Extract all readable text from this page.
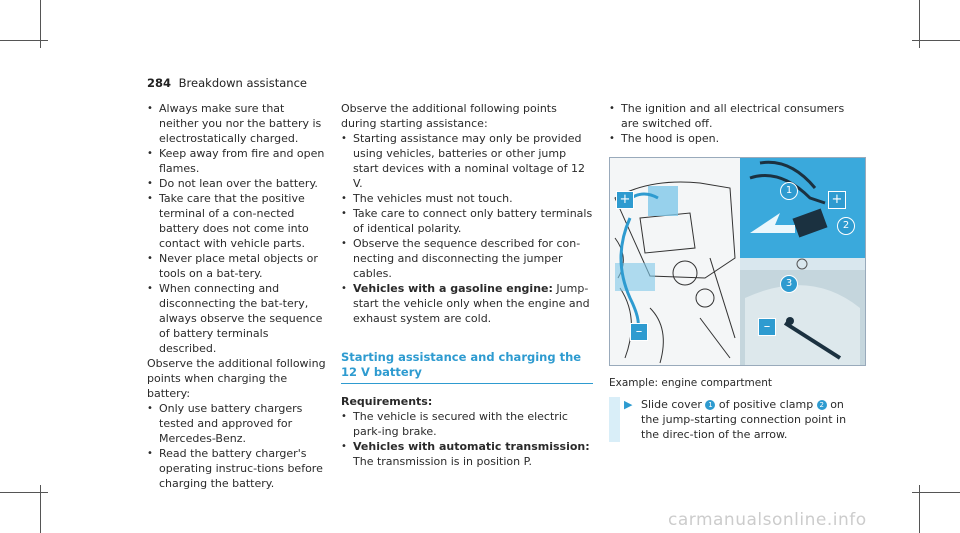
284 Breakdown assistance
• Always make sure that neither you nor the battery is electrostatically charged.
• Keep away from fire and open flames.
• Do not lean over the battery.
• Take care that the positive terminal of a con-nected battery does not come into contact with vehicle parts.
• Never place metal objects or tools on a bat-tery.
• When connecting and disconnecting the bat-tery, always observe the sequence of battery terminals described.

Observe the additional following points when charging the battery:

• Only use battery chargers tested and approved for Mercedes-Benz.
• Read the battery charger's operating instruc-tions before charging the battery.

Observe the additional following points during starting assistance:

• Starting assistance may only be provided using vehicles, batteries or other jump start devices with a nominal voltage of 12 V.
• The vehicles must not touch.
• Take care to connect only battery terminals of identical polarity.
• Observe the sequence described for con-necting and disconnecting the jumper cables.
• Vehicles with a gasoline engine: Jump-start the vehicle only when the engine and exhaust system are cold.
Starting assistance and charging the 12 V battery
Requirements:
• The vehicle is secured with the electric park-ing brake.
• Vehicles with automatic transmission:
The transmission is in position P.
• The ignition and all electrical consumers are switched off.
• The hood is open.
+
–
+
–
1
2
3
Example: engine compartment
▶ Slide cover 1 of positive clamp 2 on the jump-starting connection point in the direc-tion of the arrow.
carmanualsonline.info
